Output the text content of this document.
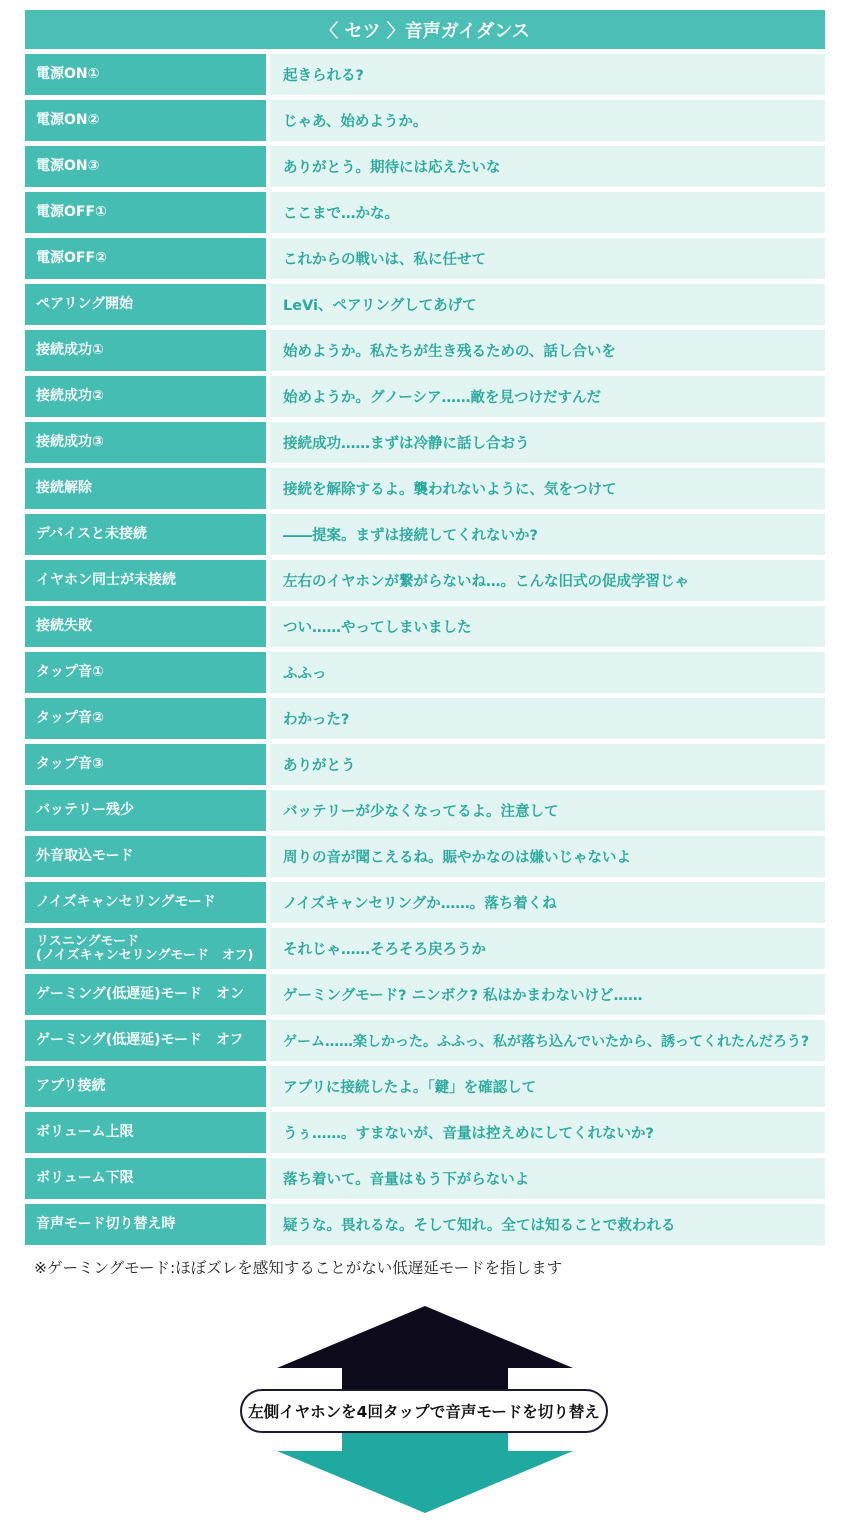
〈 セツ 〉音声ガイダンス
電源ON①	起きられる?
電源ON②	じゃあ、始めようか。
電源ON③	ありがとう。期待には応えたいな
電源OFF①	ここまで…かな。
電源OFF②	これからの戦いは、私に任せて
ペアリング開始	LeVi、ペアリングしてあげて
接続成功①	始めようか。私たちが生き残るための、話し合いを
接続成功②	始めようか。グノーシア……敵を見つけだすんだ
接続成功③	接続成功……まずは冷静に話し合おう
接続解除	接続を解除するよ。襲われないように、気をつけて
デバイスと未接続	――提案。まずは接続してくれないか?
イヤホン同士が未接続	左右のイヤホンが繋がらないね…。こんな旧式の促成学習じゃ
接続失敗	つい……やってしまいました
タップ音①	ふふっ
タップ音②	わかった?
タップ音③	ありがとう
バッテリー残少	バッテリーが少なくなってるよ。注意して
外音取込モード	周りの音が聞こえるね。賑やかなのは嫌いじゃないよ
ノイズキャンセリングモード	ノイズキャンセリングか……。落ち着くね
リスニングモード
(ノイズキャンセリングモード　オフ)	それじゃ……そろそろ戻ろうか
ゲーミング(低遅延)モード　オン	ゲーミングモード? ニンボク? 私はかまわないけど……
ゲーミング(低遅延)モード　オフ	ゲーム……楽しかった。ふふっ、私が落ち込んでいたから、誘ってくれたんだろう?
アプリ接続	アプリに接続したよ。「鍵」を確認して
ボリューム上限	うぅ……。すまないが、音量は控えめにしてくれないか?
ボリューム下限	落ち着いて。音量はもう下がらないよ
音声モード切り替え時	疑うな。畏れるな。そして知れ。全ては知ることで救われる
※ゲーミングモード:ほぼズレを感知することがない低遅延モードを指します
左側イヤホンを4回タップで音声モードを切り替え
